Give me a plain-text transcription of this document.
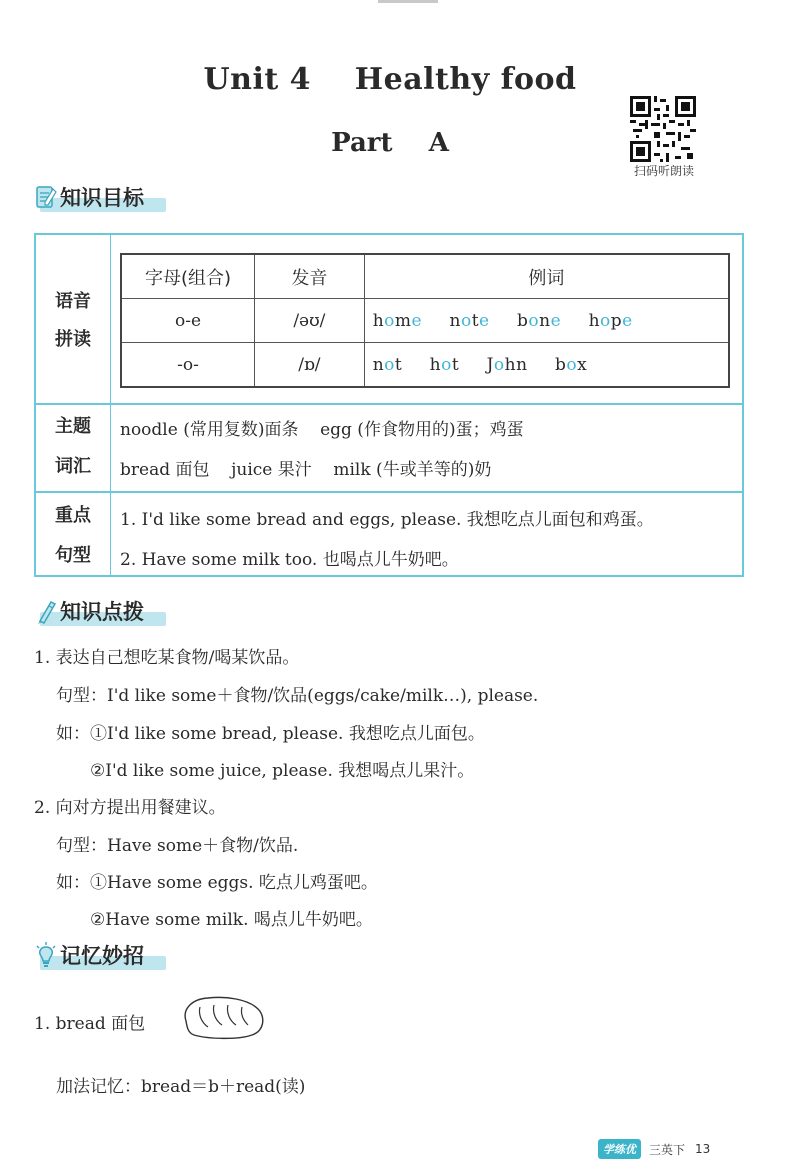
Unit 4    Healthy food
Part    A
扫码听朗读
知识目标
语音
拼读
字母(组合)	发音	例词
o-e	/əʊ/	home note bone hope
-o-	/ɒ/	not hot John box
主题
词汇
noodle (常用复数)面条    egg (作食物用的)蛋；鸡蛋
bread 面包    juice 果汁    milk (牛或羊等的)奶
重点
句型
1. I'd like some bread and eggs, please. 我想吃点儿面包和鸡蛋。
2. Have some milk too. 也喝点儿牛奶吧。
知识点拨
1. 表达自己想吃某食物/喝某饮品。
句型：I'd like some＋食物/饮品(eggs/cake/milk…), please.
如：①I'd like some bread, please. 我想吃点儿面包。
②I'd like some juice, please. 我想喝点儿果汁。
2. 向对方提出用餐建议。
句型：Have some＋食物/饮品.
如：①Have some eggs. 吃点儿鸡蛋吧。
②Have some milk. 喝点儿牛奶吧。
记忆妙招
1. bread 面包
加法记忆：bread＝b＋read(读)
学练优	三英下 13
